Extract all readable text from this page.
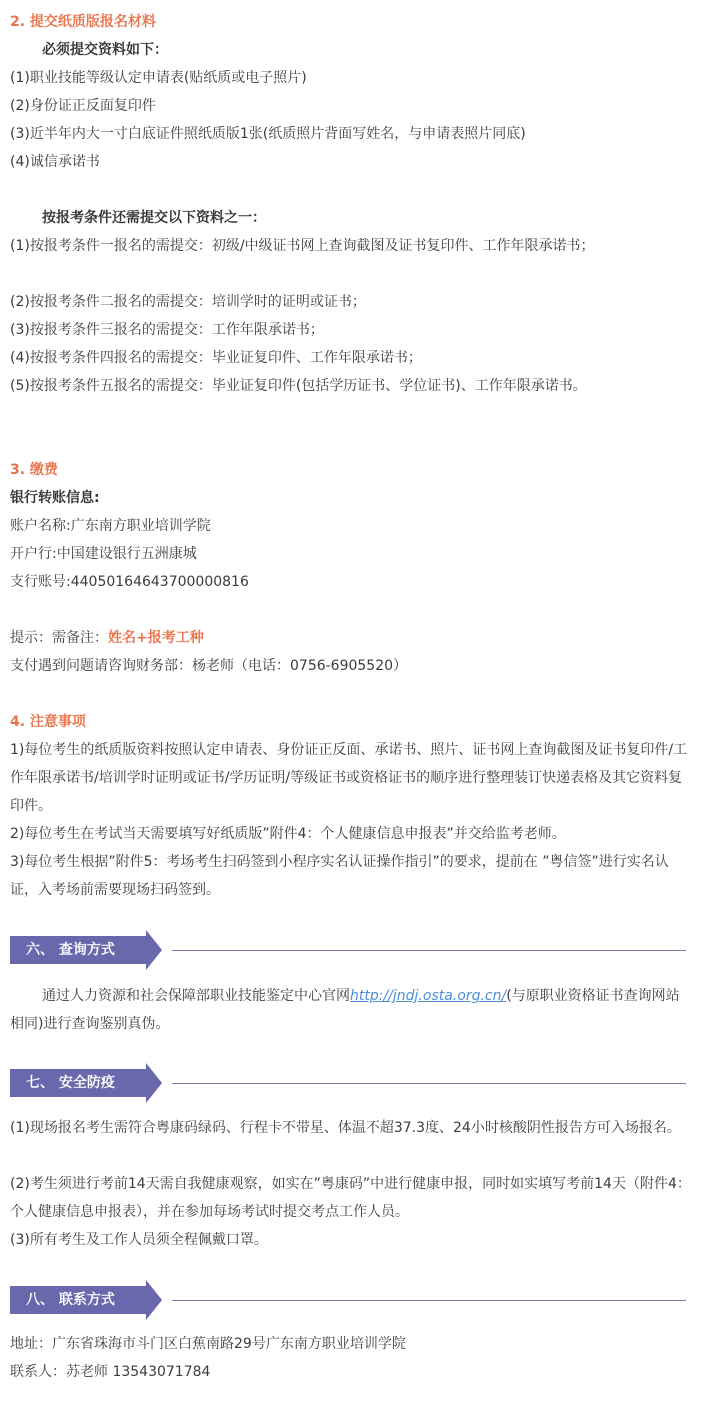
2. 提交纸质版报名材料
必须提交资料如下：
(1)职业技能等级认定申请表(贴纸质或电子照片)
(2)身份证正反面复印件
(3)近半年内大一寸白底证件照纸质版1张(纸质照片背面写姓名，与申请表照片同底)
(4)诚信承诺书
按报考条件还需提交以下资料之一：
(1)按报考条件一报名的需提交：初级/中级证书网上查询截图及证书复印件、工作年限承诺书；
(2)按报考条件二报名的需提交：培训学时的证明或证书；
(3)按报考条件三报名的需提交：工作年限承诺书；
(4)按报考条件四报名的需提交：毕业证复印件、工作年限承诺书；
(5)按报考条件五报名的需提交：毕业证复印件(包括学历证书、学位证书)、工作年限承诺书。
3. 缴费
银行转账信息:
账户名称:广东南方职业培训学院
开户行:中国建设银行五洲康城
支行账号:44050164643700000816
提示：需备注：姓名+报考工种
支付遇到问题请咨询财务部：杨老师（电话：0756-6905520）
4. 注意事项
1)每位考生的纸质版资料按照认定申请表、身份证正反面、承诺书、照片、证书网上查询截图及证书复印件/工作年限承诺书/培训学时证明或证书/学历证明/等级证书或资格证书的顺序进行整理装订快递表格及其它资料复印件。
2)每位考生在考试当天需要填写好纸质版”附件4：个人健康信息申报表”并交给监考老师。
3)每位考生根据”附件5：考场考生扫码签到小程序实名认证操作指引”的要求，提前在 ”粤信签”进行实名认证，入考场前需要现场扫码签到。
六、 查询方式
通过人力资源和社会保障部职业技能鉴定中心官网http://jndj.osta.org.cn/(与原职业资格证书查询网站相同)进行查询鉴别真伪。
七、 安全防疫
(1)现场报名考生需符合粤康码绿码、行程卡不带星、体温不超37.3度、24小时核酸阴性报告方可入场报名。
(2)考生须进行考前14天需自我健康观察，如实在”粤康码”中进行健康申报，同时如实填写考前14天（附件4：个人健康信息申报表），并在参加每场考试时提交考点工作人员。
(3)所有考生及工作人员须全程佩戴口罩。
八、 联系方式
地址：广东省珠海市斗门区白蕉南路29号广东南方职业培训学院
联系人：苏老师 13543071784
